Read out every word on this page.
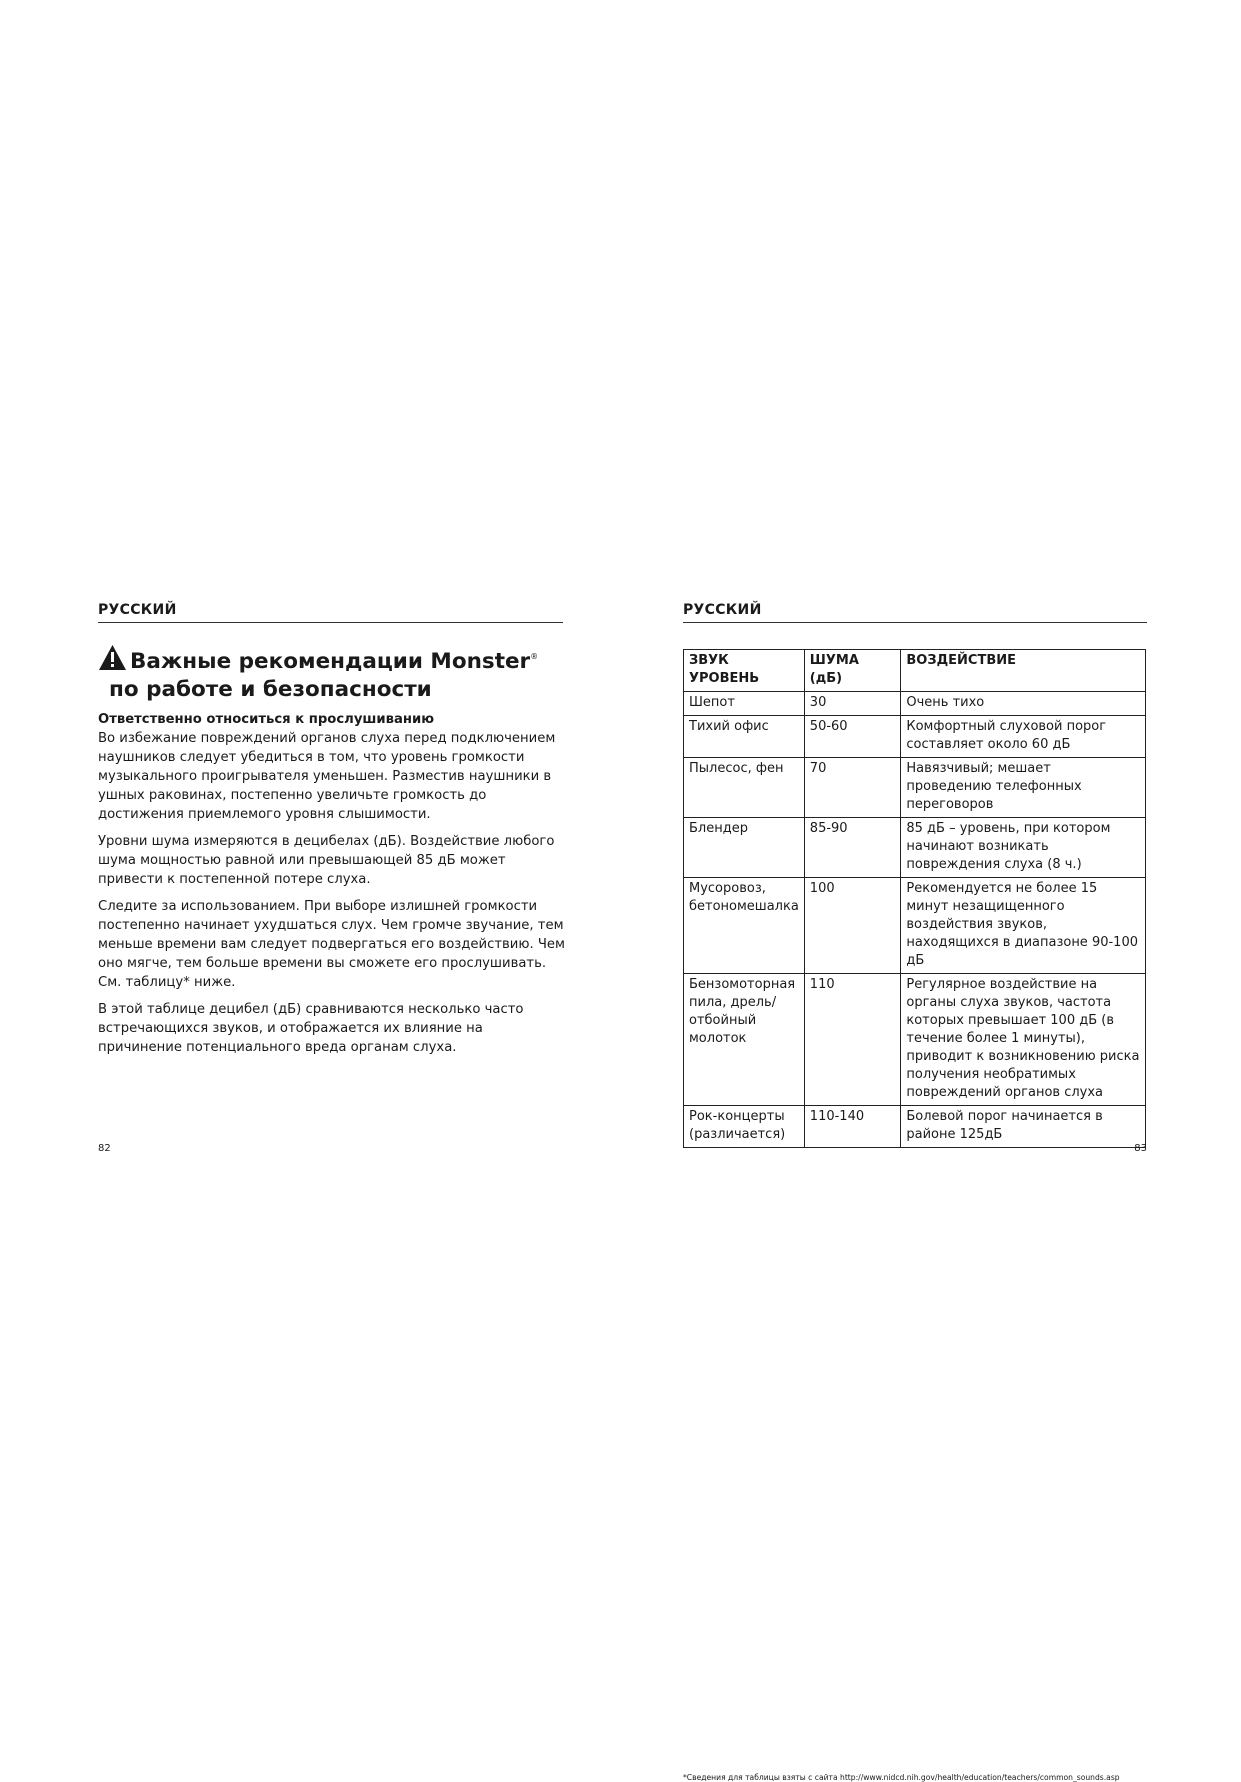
РУССКИЙ
Важные рекомендации Monster®
по работе и безопасности

Ответственно относиться к прослушиванию
Во избежание повреждений органов слуха перед подключением наушников следует убедиться в том, что уровень громкости музыкального проигрывателя уменьшен. Разместив наушники в ушных раковинах, постепенно увеличьте громкость до достижения приемлемого уровня слышимости.

Уровни шума измеряются в децибелах (дБ). Воздействие любого шума мощностью равной или превышающей 85 дБ может привести к постепенной потере слуха.

Следите за использованием. При выборе излишней громкости постепенно начинает ухудшаться слух. Чем громче звучание, тем меньше времени вам следует подвергаться его воздействию. Чем оно мягче, тем больше времени вы сможете его прослушивать. См. таблицу* ниже.

В этой таблице децибел (дБ) сравниваются несколько часто встречающихся звуков, и отображается их влияние на причинение потенциального вреда органам слуха.

82
РУССКИЙ
ЗВУК УРОВЕНЬ	ШУМА (дБ)	ВОЗДЕЙСТВИЕ
Шепот	30	Очень тихо
Тихий офис	50-60	Комфортный слуховой порог составляет около 60 дБ
Пылесос, фен	70	Навязчивый; мешает проведению телефонных переговоров
Блендер	85-90	85 дБ – уровень, при котором начинают возникать повреждения слуха (8 ч.)
Мусоровоз, бетономешалка	100	Рекомендуется не более 15 минут незащищенного воздействия звуков, находящихся в диапазоне 90-100 дБ
Бензомоторная пила, дрель/отбойный молоток	110	Регулярное воздействие на органы слуха звуков, частота которых превышает 100 дБ (в течение более 1 минуты), приводит к возникновению риска получения необратимых повреждений органов слуха
Рок-концерты (различается)	110-140	Болевой порог начинается в районе 125дБ
*Сведения для таблицы взяты с сайта http://www.nidcd.nih.gov/health/education/teachers/common_sounds.asp
83
